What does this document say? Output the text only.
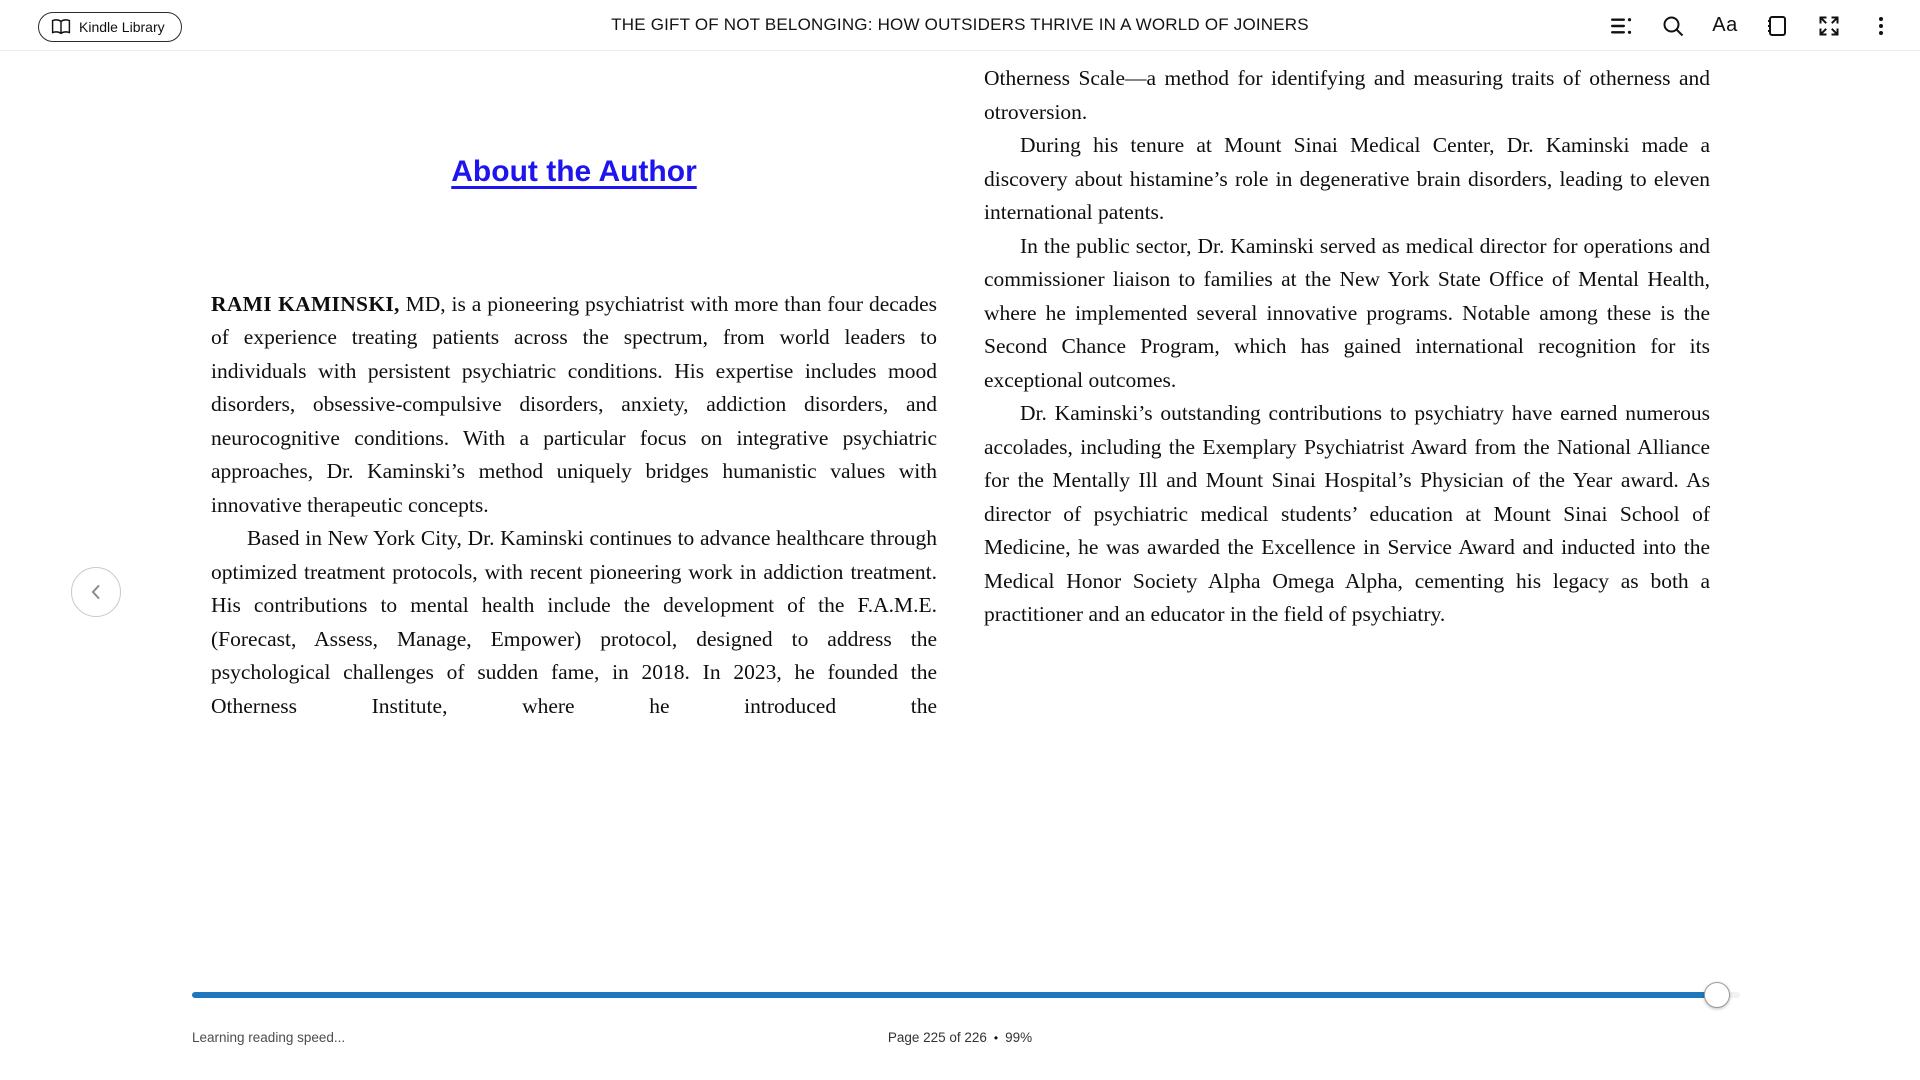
Kindle Library	THE GIFT OF NOT BELONGING: HOW OUTSIDERS THRIVE IN A WORLD OF JOINERS	Aa
About the Author

RAMI KAMINSKI, MD, is a pioneering psychiatrist with more than four decades of experience treating patients across the spectrum, from world leaders to individuals with persistent psychiatric conditions. His expertise includes mood disorders, obsessive-compulsive disorders, anxiety, addiction disorders, and neurocognitive conditions. With a particular focus on integrative psychiatric approaches, Dr. Kaminski’s method uniquely bridges humanistic values with innovative therapeutic concepts.

Based in New York City, Dr. Kaminski continues to advance healthcare through optimized treatment protocols, with recent pioneering work in addiction treatment. His contributions to mental health include the development of the F.A.M.E. (Forecast, Assess, Manage, Empower) protocol, designed to address the psychological challenges of sudden fame, in 2018. In 2023, he founded the Otherness Institute, where he introduced the

Otherness Scale—a method for identifying and measuring traits of otherness and otroversion.

During his tenure at Mount Sinai Medical Center, Dr. Kaminski made a discovery about histamine’s role in degenerative brain disorders, leading to eleven international patents.

In the public sector, Dr. Kaminski served as medical director for operations and commissioner liaison to families at the New York State Office of Mental Health, where he implemented several innovative programs. Notable among these is the Second Chance Program, which has gained international recognition for its exceptional outcomes.

Dr. Kaminski’s outstanding contributions to psychiatry have earned numerous accolades, including the Exemplary Psychiatrist Award from the National Alliance for the Mentally Ill and Mount Sinai Hospital’s Physician of the Year award. As director of psychiatric medical students’ education at Mount Sinai School of Medicine, he was awarded the Excellence in Service Award and inducted into the Medical Honor Society Alpha Omega Alpha, cementing his legacy as both a practitioner and an educator in the field of psychiatry.

Learning reading speed...	Page 225 of 226 • 99%
